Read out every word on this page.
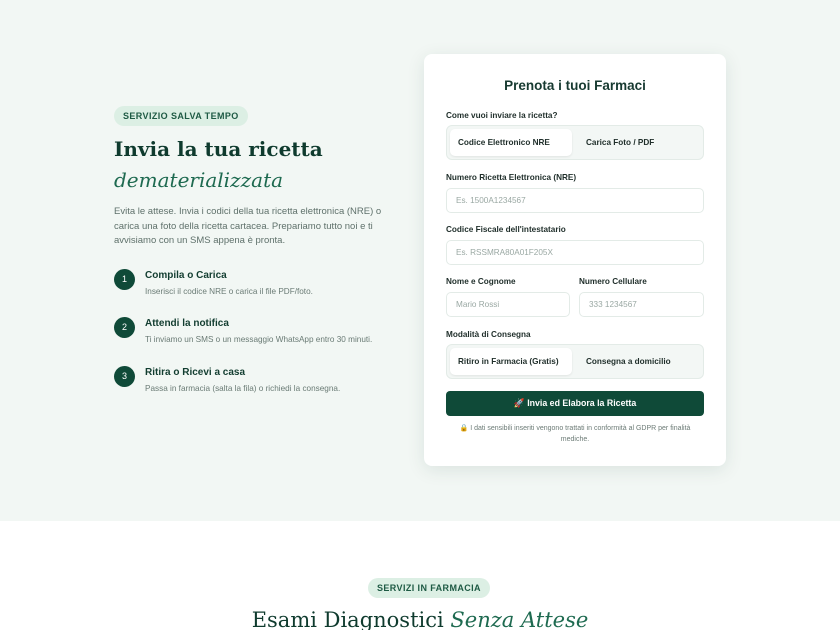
SERVIZIO SALVA TEMPO
Invia la tua ricetta
dematerializzata

Evita le attese. Invia i codici della tua ricetta elettronica (NRE) o carica una foto della ricetta cartacea. Prepariamo tutto noi e ti avvisiamo con un SMS appena è pronta.

1	Compila o Carica
Inserisci il codice NRE o carica il file PDF/foto.
2	Attendi la notifica
Ti inviamo un SMS o un messaggio WhatsApp entro 30 minuti.
3	Ritira o Ricevi a casa
Passa in farmacia (salta la fila) o richiedi la consegna.
Prenota i tuoi Farmaci
Come vuoi inviare la ricetta?
Codice Elettronico NRE	Carica Foto / PDF
Numero Ricetta Elettronica (NRE)
Es. 1500A1234567
Codice Fiscale dell'intestatario
Es. RSSMRA80A01F205X
Nome e Cognome
Mario Rossi
Numero Cellulare
333 1234567
Modalità di Consegna
Ritiro in Farmacia (Gratis)	Consegna a domicilio
🚀 Invia ed Elabora la Ricetta
🔒 I dati sensibili inseriti vengono trattati in conformità al GDPR per finalità mediche.
SERVIZI IN FARMACIA
Esami Diagnostici Senza Attese
